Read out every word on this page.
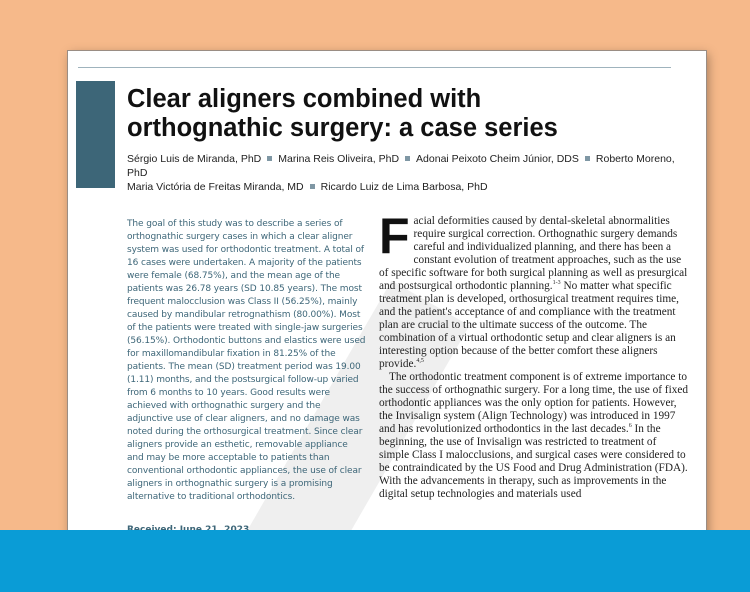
Clear aligners combined with
orthognathic surgery: a case series
Sérgio Luis de Miranda, PhD Marina Reis Oliveira, PhD Adonai Peixoto Cheim Júnior, DDS Roberto Moreno, PhD
Maria Victória de Freitas Miranda, MD Ricardo Luiz de Lima Barbosa, PhD

The goal of this study was to describe a series of orthognathic surgery cases in which a clear aligner system was used for orthodontic treatment. A total of 16 cases were undertaken. A majority of the patients were female (68.75%), and the mean age of the patients was 26.78 years (SD 10.85 years). The most frequent malocclusion was Class II (56.25%), mainly caused by mandibular retrognathism (80.00%). Most of the patients were treated with single-jaw surgeries (56.15%). Orthodontic buttons and elastics were used for maxillomandibular fixation in 81.25% of the patients. The mean (SD) treatment period was 19.00 (1.11) months, and the postsurgical follow-up varied from 6 months to 10 years. Good results were achieved with orthognathic surgery and the adjunctive use of clear aligners, and no damage was noted during the orthosurgical treatment. Since clear aligners provide an esthetic, removable appliance and may be more acceptable to patients than conventional orthodontic appliances, the use of clear aligners in orthognathic surgery is a promising alternative to traditional orthodontics.

Facial deformities caused by dental-skeletal abnormalities require surgical correction. Orthognathic surgery demands careful and individualized planning, and there has been a constant evolution of treatment approaches, such as the use of specific software for both surgical planning as well as presurgical and postsurgical orthodontic planning.$^{1-3}$ No matter what specific treatment plan is developed, orthosurgical treatment requires time, and the patient's acceptance of and compliance with the treatment plan are crucial to the ultimate success of the outcome. The combination of a virtual orthodontic setup and clear aligners is an interesting option because of the better comfort these aligners provide.$^{4,5}$

The orthodontic treatment component is of extreme importance to the success of orthognathic surgery. For a long time, the use of fixed orthodontic appliances was the only option for patients. However, the Invisalign system (Align Technology) was introduced in 1997 and has revolutionized orthodontics in the last decades.$^6$ In the beginning, the use of Invisalign was restricted to treatment of simple Class I malocclusions, and surgical cases were considered to be contraindicated by the US Food and Drug Administration (FDA). With the advancements in therapy, such as improvements in the digital setup technologies and materials used
